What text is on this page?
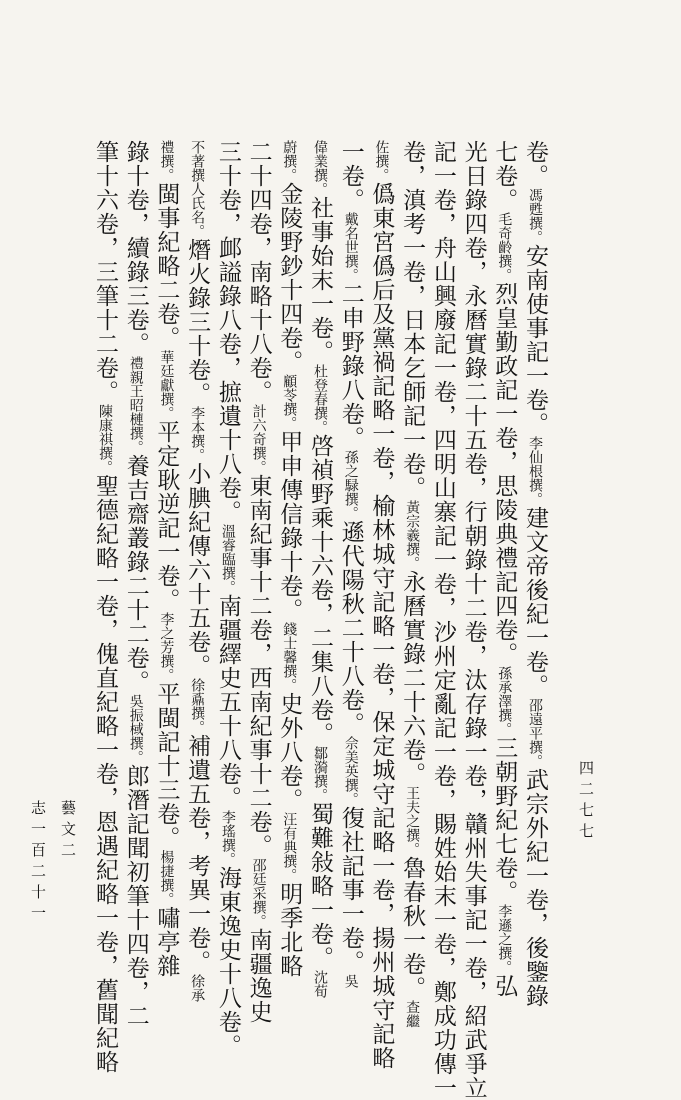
卷。馮甦撰。安南使事記一卷。李仙根撰。建文帝後紀一卷。邵遠平撰。武宗外紀一卷，後鑒錄
七卷。毛奇齡撰。烈皇勤政記一卷，思陵典禮記四卷。孫承澤撰。三朝野紀七卷。李遜之撰。弘
光日錄四卷，永曆實錄二十五卷，行朝錄十二卷，汰存錄一卷，贛州失事記一卷，紹武爭立
記一卷，舟山興廢記一卷，四明山寨記一卷，沙州定亂記一卷，賜姓始末一卷，鄭成功傳一
卷，滇考一卷，日本乞師記一卷。黃宗羲撰。永曆實錄二十六卷。王夫之撰。魯春秋一卷。查繼
佐撰。僞東宮僞后及黨禍記略一卷，榆林城守記略一卷，保定城守記略一卷，揚州城守記略
一卷。戴名世撰。二申野錄八卷。孫之騄撰。遜代陽秋二十八卷。佘美英撰。復社記事一卷。吳
偉業撰。社事始末一卷。杜登春撰。啓禎野乘十六卷，二集八卷。鄒漪撰。蜀難敍略一卷。沈荀
蔚撰。金陵野鈔十四卷。顧苓撰。甲申傳信錄十卷。錢士馨撰。史外八卷。汪有典撰。明季北略
二十四卷，南略十八卷。計六奇撰。東南紀事十二卷，西南紀事十二卷。邵廷采撰。南疆逸史
三十卷，䘏謚錄八卷，摭遺十八卷。溫睿臨撰。南疆繹史五十八卷。李瑤撰。海東逸史十八卷。
不著撰人氏名。熸火錄三十卷。李本撰。小腆紀傳六十五卷。徐鼒撰。補遺五卷，考異一卷。徐承
禮撰。閩事紀略二卷。華廷獻撰。平定耿逆記一卷。李之芳撰。平閩記十三卷。楊捷撰。嘯亭雜
錄十卷，續錄三卷。禮親王昭槤撰。養吉齋叢錄二十二卷。吳振棫撰。郎潛記聞初筆十四卷，二
筆十六卷，三筆十二卷。陳康祺撰。聖德紀略一卷，傀直紀略一卷，恩遇紀略一卷，舊聞紀略
志一百二十一 藝文二	四二七七
